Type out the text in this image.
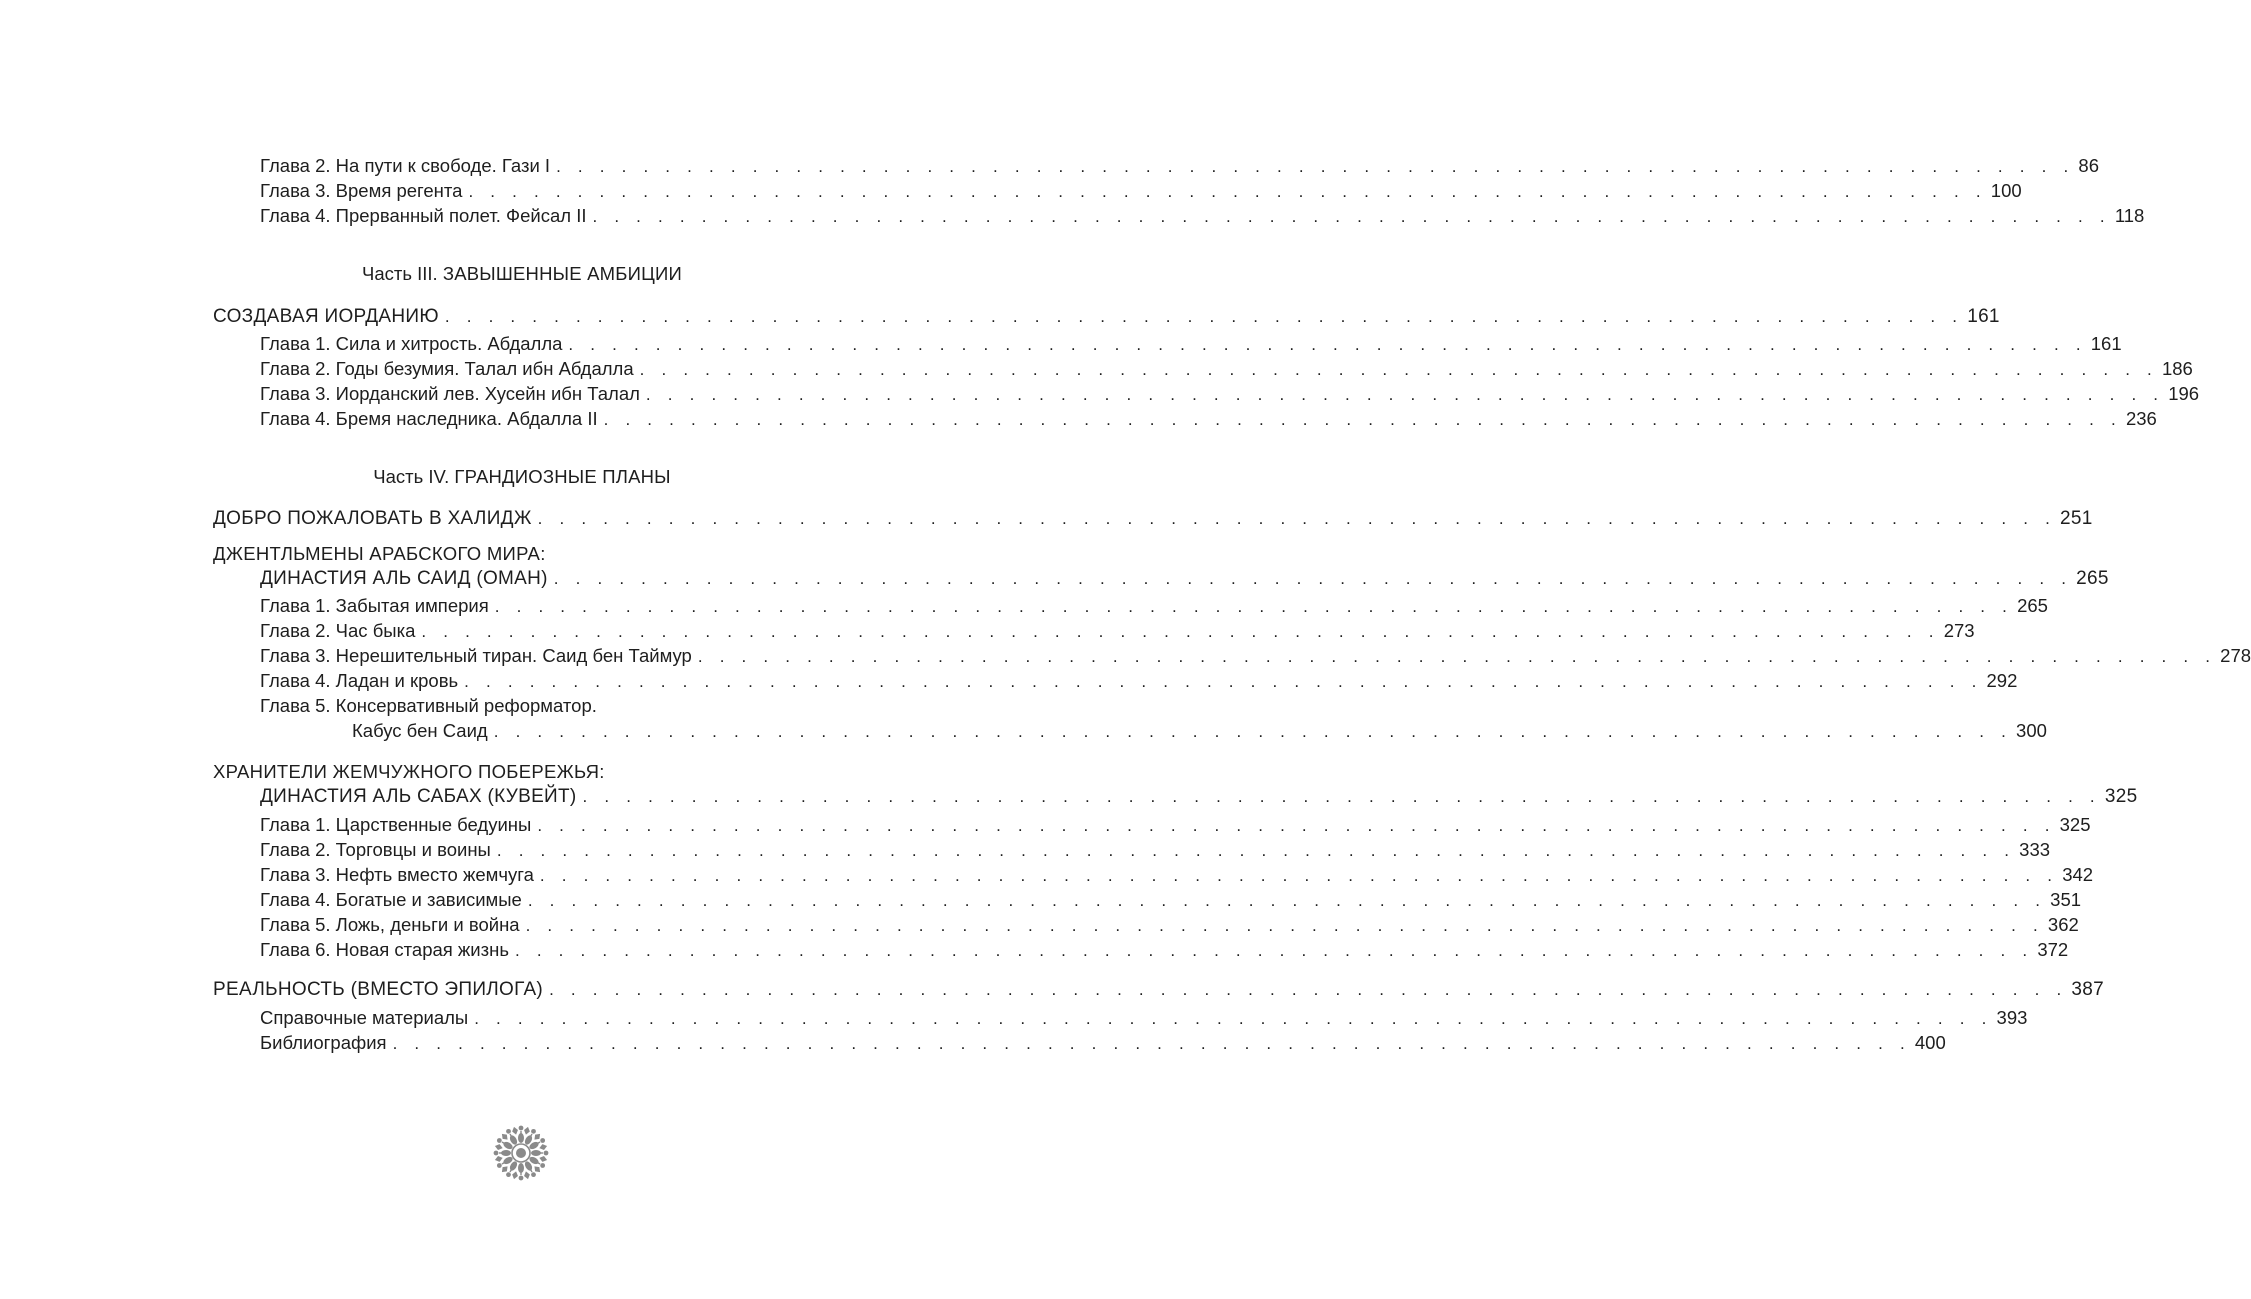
Глава 2. На пути к свободе. Гази I . . . . . . . . . . . . . . . . . . . . . . . . . . . . . . . . . . . . . . . . . . . . . . . . . . . . . . . . . . . . . . . . . . . . . . 86
Глава 3. Время регента . . . . . . . . . . . . . . . . . . . . . . . . . . . . . . . . . . . . . . . . . . . . . . . . . . . . . . . . . . . . . . . . . . . . . . 100
Глава 4. Прерванный полет. Фейсал II . . . . . . . . . . . . . . . . . . . . . . . . . . . . . . . . . . . . . . . . . . . . . . . . . . . . . . . . . . . . . . . . . . . . . . 118
Часть III. ЗАВЫШЕННЫЕ АМБИЦИИ
СОЗДАВАЯ ИОРДАНИЮ . . . . . . . . . . . . . . . . . . . . . . . . . . . . . . . . . . . . . . . . . . . . . . . . . . . . . . . . . . . . . . . . . . . . . . 161
Глава 1. Сила и хитрость. Абдалла . . . . . . . . . . . . . . . . . . . . . . . . . . . . . . . . . . . . . . . . . . . . . . . . . . . . . . . . . . . . . . . . . . . . . . 161
Глава 2. Годы безумия. Талал ибн Абдалла . . . . . . . . . . . . . . . . . . . . . . . . . . . . . . . . . . . . . . . . . . . . . . . . . . . . . . . . . . . . . . . . . . . . . . 186
Глава 3. Иорданский лев. Хусейн ибн Талал . . . . . . . . . . . . . . . . . . . . . . . . . . . . . . . . . . . . . . . . . . . . . . . . . . . . . . . . . . . . . . . . . . . . . . 196
Глава 4. Бремя наследника. Абдалла II . . . . . . . . . . . . . . . . . . . . . . . . . . . . . . . . . . . . . . . . . . . . . . . . . . . . . . . . . . . . . . . . . . . . . . 236
Часть IV. ГРАНДИОЗНЫЕ ПЛАНЫ
ДОБРО ПОЖАЛОВАТЬ В ХАЛИДЖ . . . . . . . . . . . . . . . . . . . . . . . . . . . . . . . . . . . . . . . . . . . . . . . . . . . . . . . . . . . . . . . . . . . . . . 251
ДЖЕНТЛЬМЕНЫ АРАБСКОГО МИРА:
ДИНАСТИЯ АЛЬ САИД (ОМАН) . . . . . . . . . . . . . . . . . . . . . . . . . . . . . . . . . . . . . . . . . . . . . . . . . . . . . . . . . . . . . . . . . . . . . . 265
Глава 1. Забытая империя . . . . . . . . . . . . . . . . . . . . . . . . . . . . . . . . . . . . . . . . . . . . . . . . . . . . . . . . . . . . . . . . . . . . . . 265
Глава 2. Час быка . . . . . . . . . . . . . . . . . . . . . . . . . . . . . . . . . . . . . . . . . . . . . . . . . . . . . . . . . . . . . . . . . . . . . . 273
Глава 3. Нерешительный тиран. Саид бен Таймур . . . . . . . . . . . . . . . . . . . . . . . . . . . . . . . . . . . . . . . . . . . . . . . . . . . . . . . . . . . . . . . . . . . . . . 278
Глава 4. Ладан и кровь . . . . . . . . . . . . . . . . . . . . . . . . . . . . . . . . . . . . . . . . . . . . . . . . . . . . . . . . . . . . . . . . . . . . . . 292
Глава 5. Консервативный реформатор.
Кабус бен Саид . . . . . . . . . . . . . . . . . . . . . . . . . . . . . . . . . . . . . . . . . . . . . . . . . . . . . . . . . . . . . . . . . . . . . . 300
ХРАНИТЕЛИ ЖЕМЧУЖНОГО ПОБЕРЕЖЬЯ:
ДИНАСТИЯ АЛЬ САБАХ (КУВЕЙТ) . . . . . . . . . . . . . . . . . . . . . . . . . . . . . . . . . . . . . . . . . . . . . . . . . . . . . . . . . . . . . . . . . . . . . . 325
Глава 1. Царственные бедуины . . . . . . . . . . . . . . . . . . . . . . . . . . . . . . . . . . . . . . . . . . . . . . . . . . . . . . . . . . . . . . . . . . . . . . 325
Глава 2. Торговцы и воины . . . . . . . . . . . . . . . . . . . . . . . . . . . . . . . . . . . . . . . . . . . . . . . . . . . . . . . . . . . . . . . . . . . . . . 333
Глава 3. Нефть вместо жемчуга . . . . . . . . . . . . . . . . . . . . . . . . . . . . . . . . . . . . . . . . . . . . . . . . . . . . . . . . . . . . . . . . . . . . . . 342
Глава 4. Богатые и зависимые . . . . . . . . . . . . . . . . . . . . . . . . . . . . . . . . . . . . . . . . . . . . . . . . . . . . . . . . . . . . . . . . . . . . . . 351
Глава 5. Ложь, деньги и война . . . . . . . . . . . . . . . . . . . . . . . . . . . . . . . . . . . . . . . . . . . . . . . . . . . . . . . . . . . . . . . . . . . . . . 362
Глава 6. Новая старая жизнь . . . . . . . . . . . . . . . . . . . . . . . . . . . . . . . . . . . . . . . . . . . . . . . . . . . . . . . . . . . . . . . . . . . . . . 372
РЕАЛЬНОСТЬ (ВМЕСТО ЭПИЛОГА) . . . . . . . . . . . . . . . . . . . . . . . . . . . . . . . . . . . . . . . . . . . . . . . . . . . . . . . . . . . . . . . . . . . . . . 387
Справочные материалы . . . . . . . . . . . . . . . . . . . . . . . . . . . . . . . . . . . . . . . . . . . . . . . . . . . . . . . . . . . . . . . . . . . . . . 393
Библиография . . . . . . . . . . . . . . . . . . . . . . . . . . . . . . . . . . . . . . . . . . . . . . . . . . . . . . . . . . . . . . . . . . . . . . 400
